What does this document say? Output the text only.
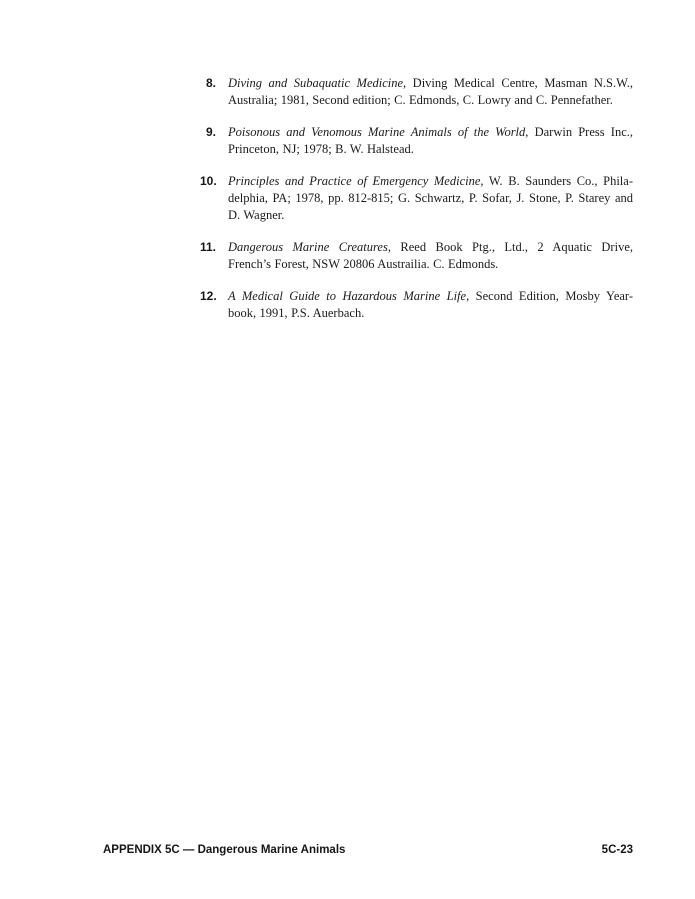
8. Diving and Subaquatic Medicine, Diving Medical Centre, Masman N.S.W.,
Australia; 1981, Second edition; C. Edmonds, C. Lowry and C. Pennefather.
9. Poisonous and Venomous Marine Animals of the World, Darwin Press Inc.,
Princeton, NJ; 1978; B. W. Halstead.
10. Principles and Practice of Emergency Medicine, W. B. Saunders Co., Phila-
delphia, PA; 1978, pp. 812-815; G. Schwartz, P. Sofar, J. Stone, P. Starey and
D. Wagner.
11. Dangerous Marine Creatures, Reed Book Ptg., Ltd., 2 Aquatic Drive,
French’s Forest, NSW 20806 Austrailia. C. Edmonds.
12. A Medical Guide to Hazardous Marine Life, Second Edition, Mosby Year-
book, 1991, P.S. Auerbach.
APPENDIX 5C — Dangerous Marine Animals	5C-23
